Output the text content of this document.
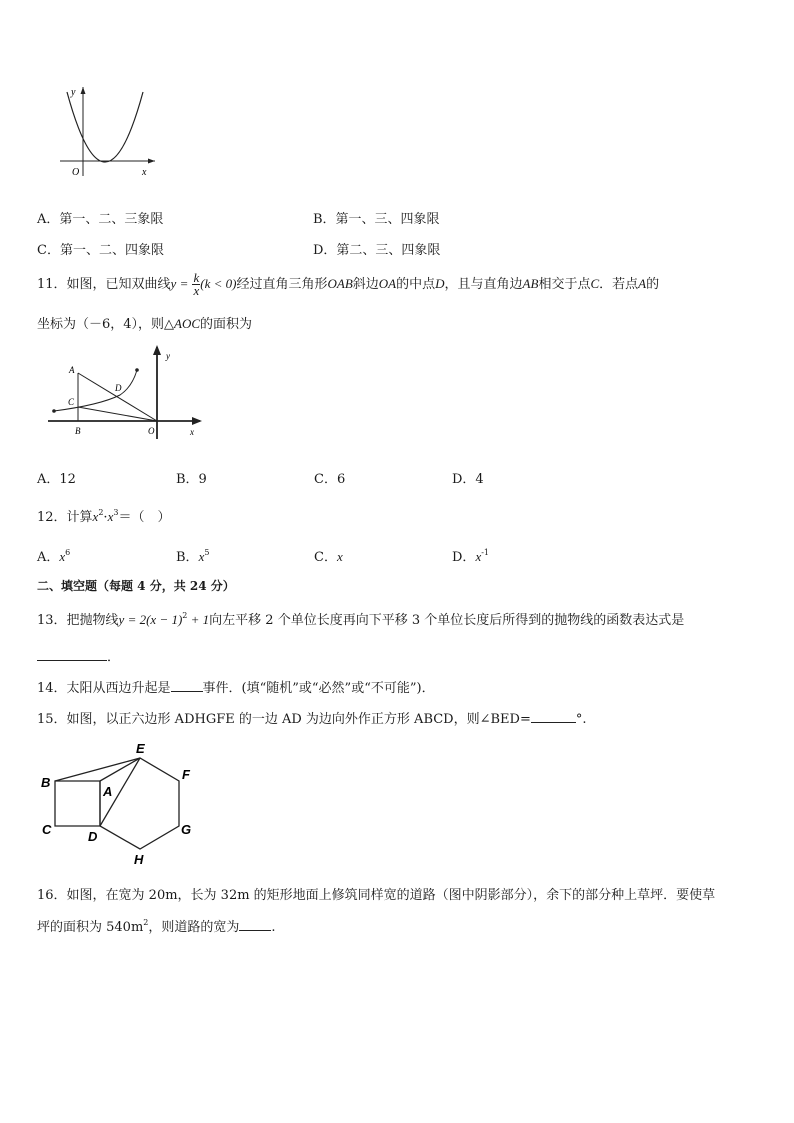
y
x
O
A．第一、二、三象限	B．第一、三、四象限
C．第一、二、四象限	D．第二、三、四象限
11．如图，已知双曲线$y = \frac{k}{x} (k < 0)$经过直角三角形OAB斜边OA的中点D，且与直角边AB相交于点C．若点A的
坐标为（－6，4），则△AOC的面积为
A
C
D
B	O	x
y
A．12	B．9	C．6	D．4
12．计算$x^2\cdot x^3=$（　）
A．$x^6$	B．$x^5$	C．x	D．$x^{-1}$
二、填空题（每题 4 分，共 24 分）
13．把抛物线$y = 2(x - 1)^2 + 1$向左平移 2 个单位长度再向下平移 3 个单位长度后所得到的抛物线的函数表达式是
．
14．太阳从西边升起是 事件．(填“随机”或“必然”或“不可能”)．
15．如图，以正六边形 ADHGFE 的一边 AD 为边向外作正方形 ABCD，则∠BED=	°.
E
F
B
A
C	D	G
H
16．如图，在宽为 20m，长为 32m 的矩形地面上修筑同样宽的道路（图中阴影部分），余下的部分种上草坪．要使草
坪的面积为 $540m^2$，则道路的宽为 .
